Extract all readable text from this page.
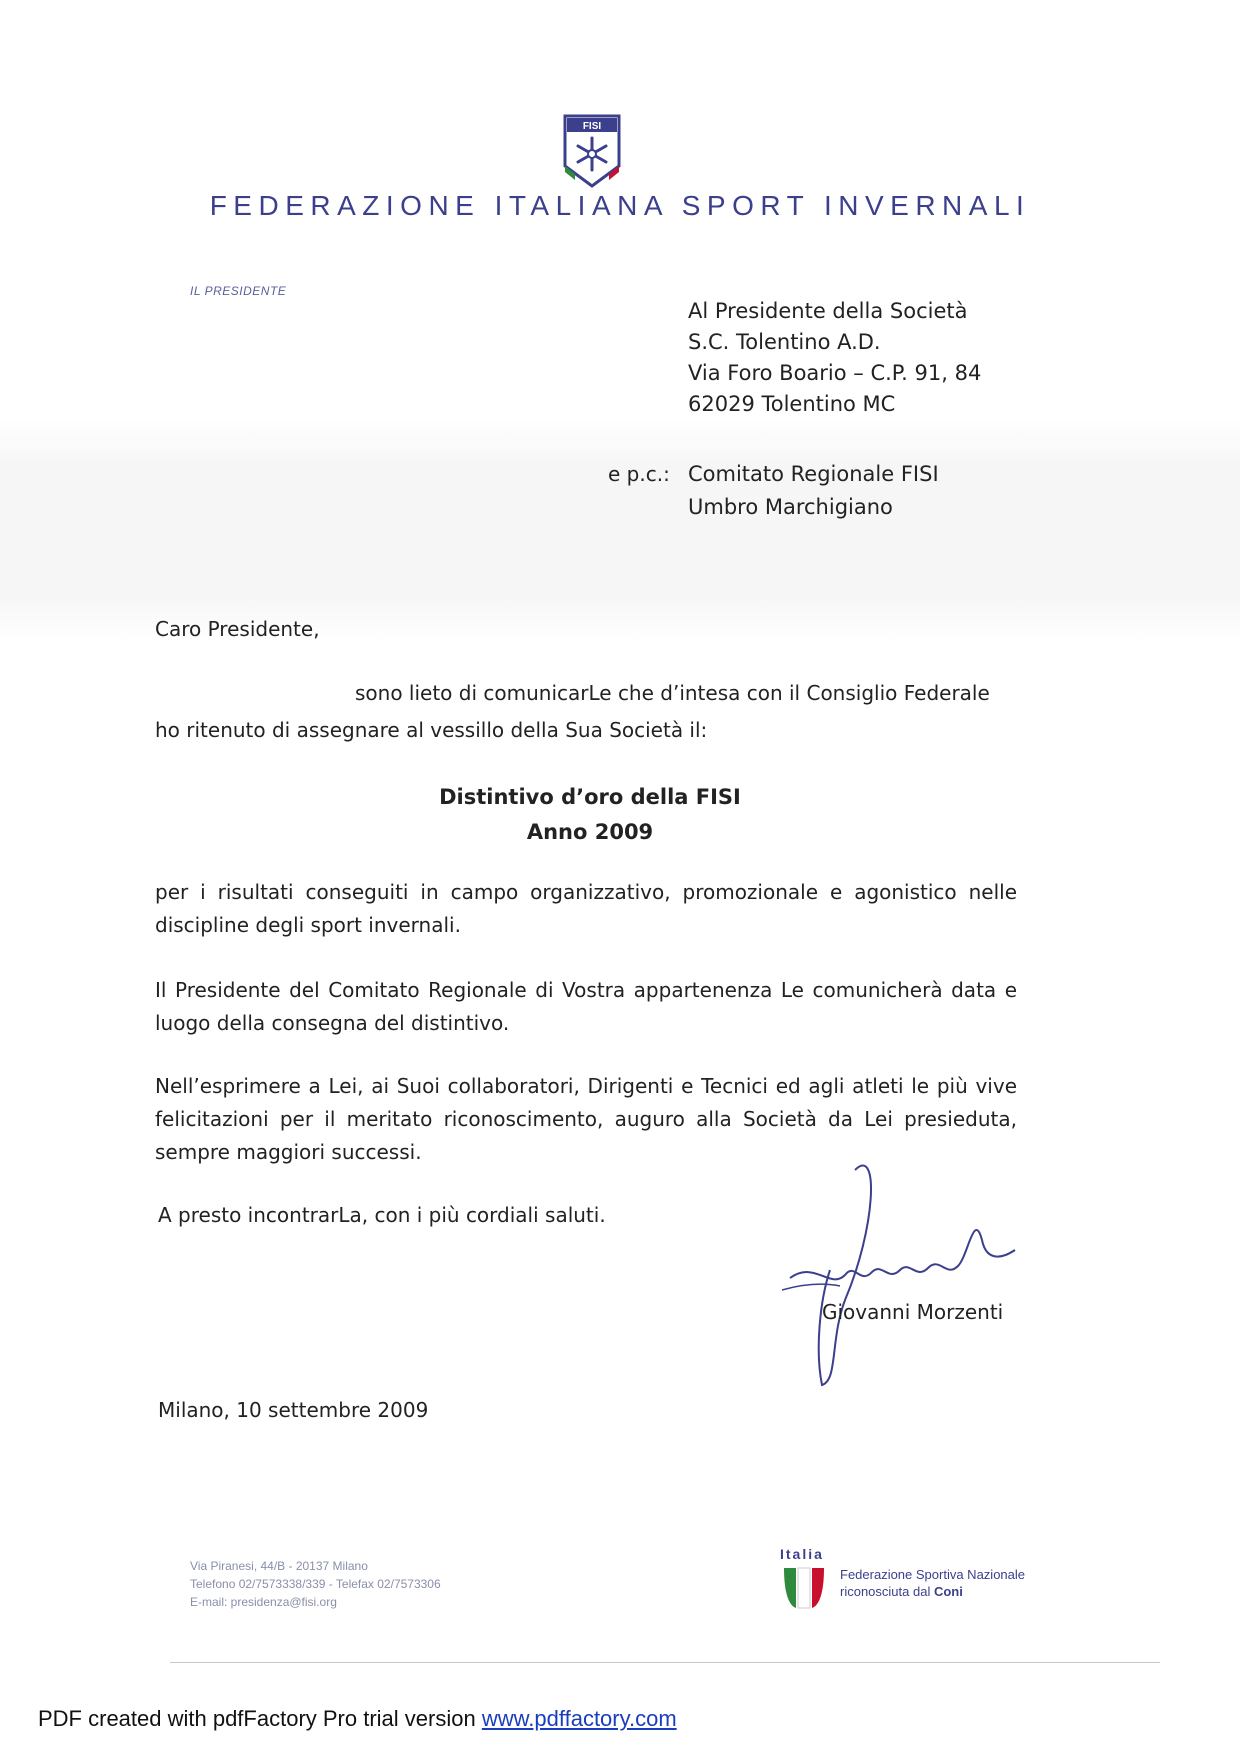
FISI
FEDERAZIONE ITALIANA SPORT INVERNALI
IL PRESIDENTE
Al Presidente della Società
S.C. Tolentino A.D.
Via Foro Boario – C.P. 91, 84
62029 Tolentino MC
e p.c.: Comitato Regionale FISI
Umbro Marchigiano
Caro Presidente,
sono lieto di comunicarLe che d’intesa con il Consiglio Federale
ho ritenuto di assegnare al vessillo della Sua Società il:
Distintivo d’oro della FISI
Anno 2009
per i risultati conseguiti in campo organizzativo, promozionale e agonistico nelle discipline degli sport invernali.
Il Presidente del Comitato Regionale di Vostra appartenenza Le comunicherà data e luogo della consegna del distintivo.
Nell’esprimere a Lei, ai Suoi collaboratori, Dirigenti e Tecnici ed agli atleti le più vive felicitazioni per il meritato riconoscimento, auguro alla Società da Lei presieduta, sempre maggiori successi.
A presto incontrarLa, con i più cordiali saluti.
Giovanni Morzenti
Milano, 10 settembre 2009
Via Piranesi, 44/B - 20137 Milano
Telefono 02/7573338/339 - Telefax 02/7573306
E-mail: presidenza@fisi.org
Italia
Federazione Sportiva Nazionale
riconosciuta dal Coni
PDF created with pdfFactory Pro trial version www.pdffactory.com
